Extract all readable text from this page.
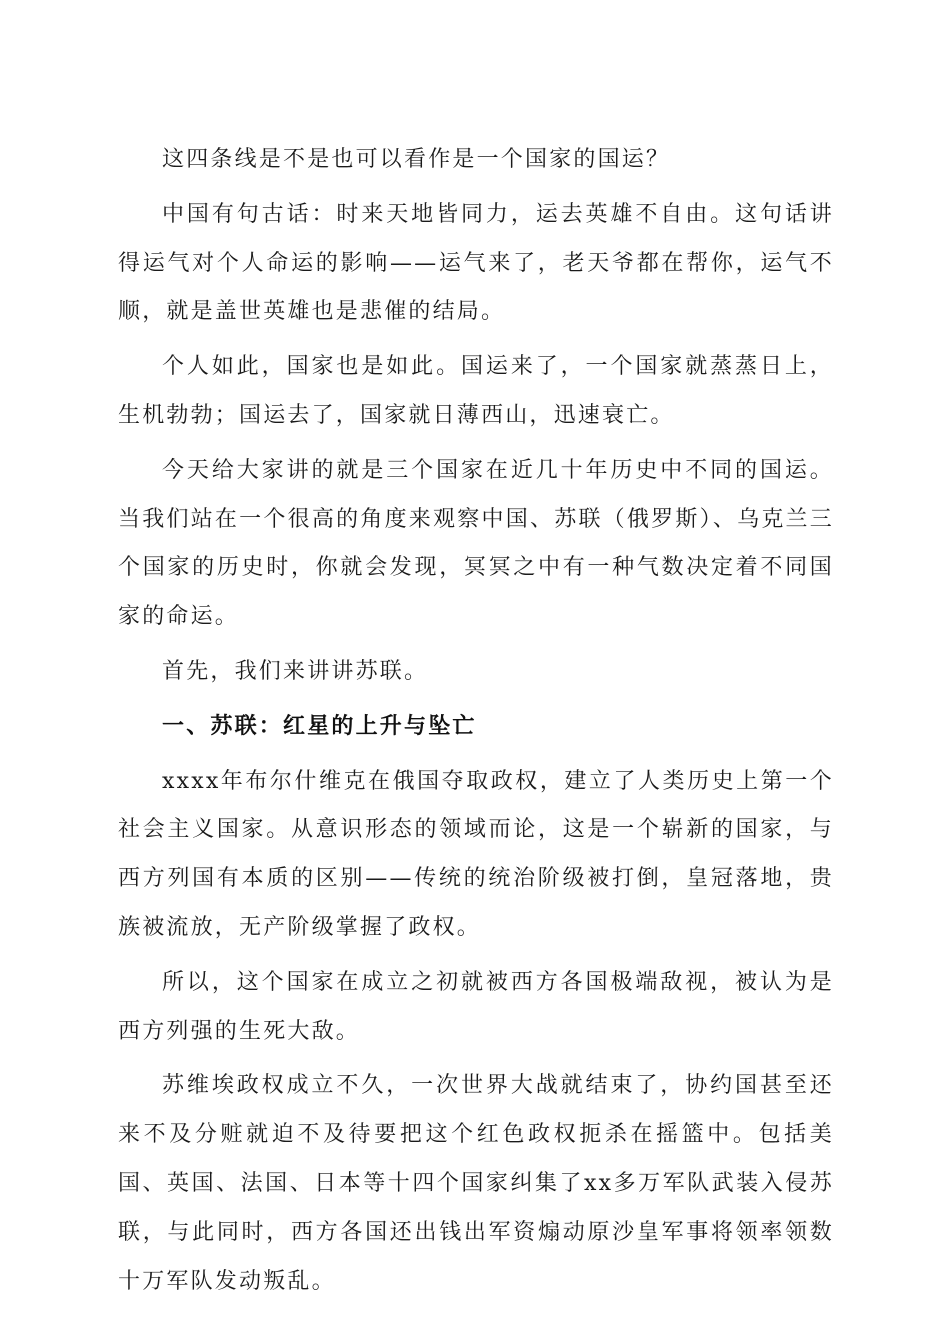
这四条线是不是也可以看作是一个国家的国运？

中国有句古话：时来天地皆同力，运去英雄不自由。这句话讲得运气对个人命运的影响——运气来了，老天爷都在帮你，运气不顺，就是盖世英雄也是悲催的结局。

个人如此，国家也是如此。国运来了，一个国家就蒸蒸日上，生机勃勃；国运去了，国家就日薄西山，迅速衰亡。

今天给大家讲的就是三个国家在近几十年历史中不同的国运。当我们站在一个很高的角度来观察中国、苏联（俄罗斯）、乌克兰三个国家的历史时，你就会发现，冥冥之中有一种气数决定着不同国家的命运。

首先，我们来讲讲苏联。

一、苏联：红星的上升与坠亡

xxxx年布尔什维克在俄国夺取政权，建立了人类历史上第一个社会主义国家。从意识形态的领域而论，这是一个崭新的国家，与西方列国有本质的区别——传统的统治阶级被打倒，皇冠落地，贵族被流放，无产阶级掌握了政权。

所以，这个国家在成立之初就被西方各国极端敌视，被认为是西方列强的生死大敌。

苏维埃政权成立不久，一次世界大战就结束了，协约国甚至还来不及分赃就迫不及待要把这个红色政权扼杀在摇篮中。包括美国、英国、法国、日本等十四个国家纠集了xx多万军队武装入侵苏联，与此同时，西方各国还出钱出军资煽动原沙皇军事将领率领数十万军队发动叛乱。
